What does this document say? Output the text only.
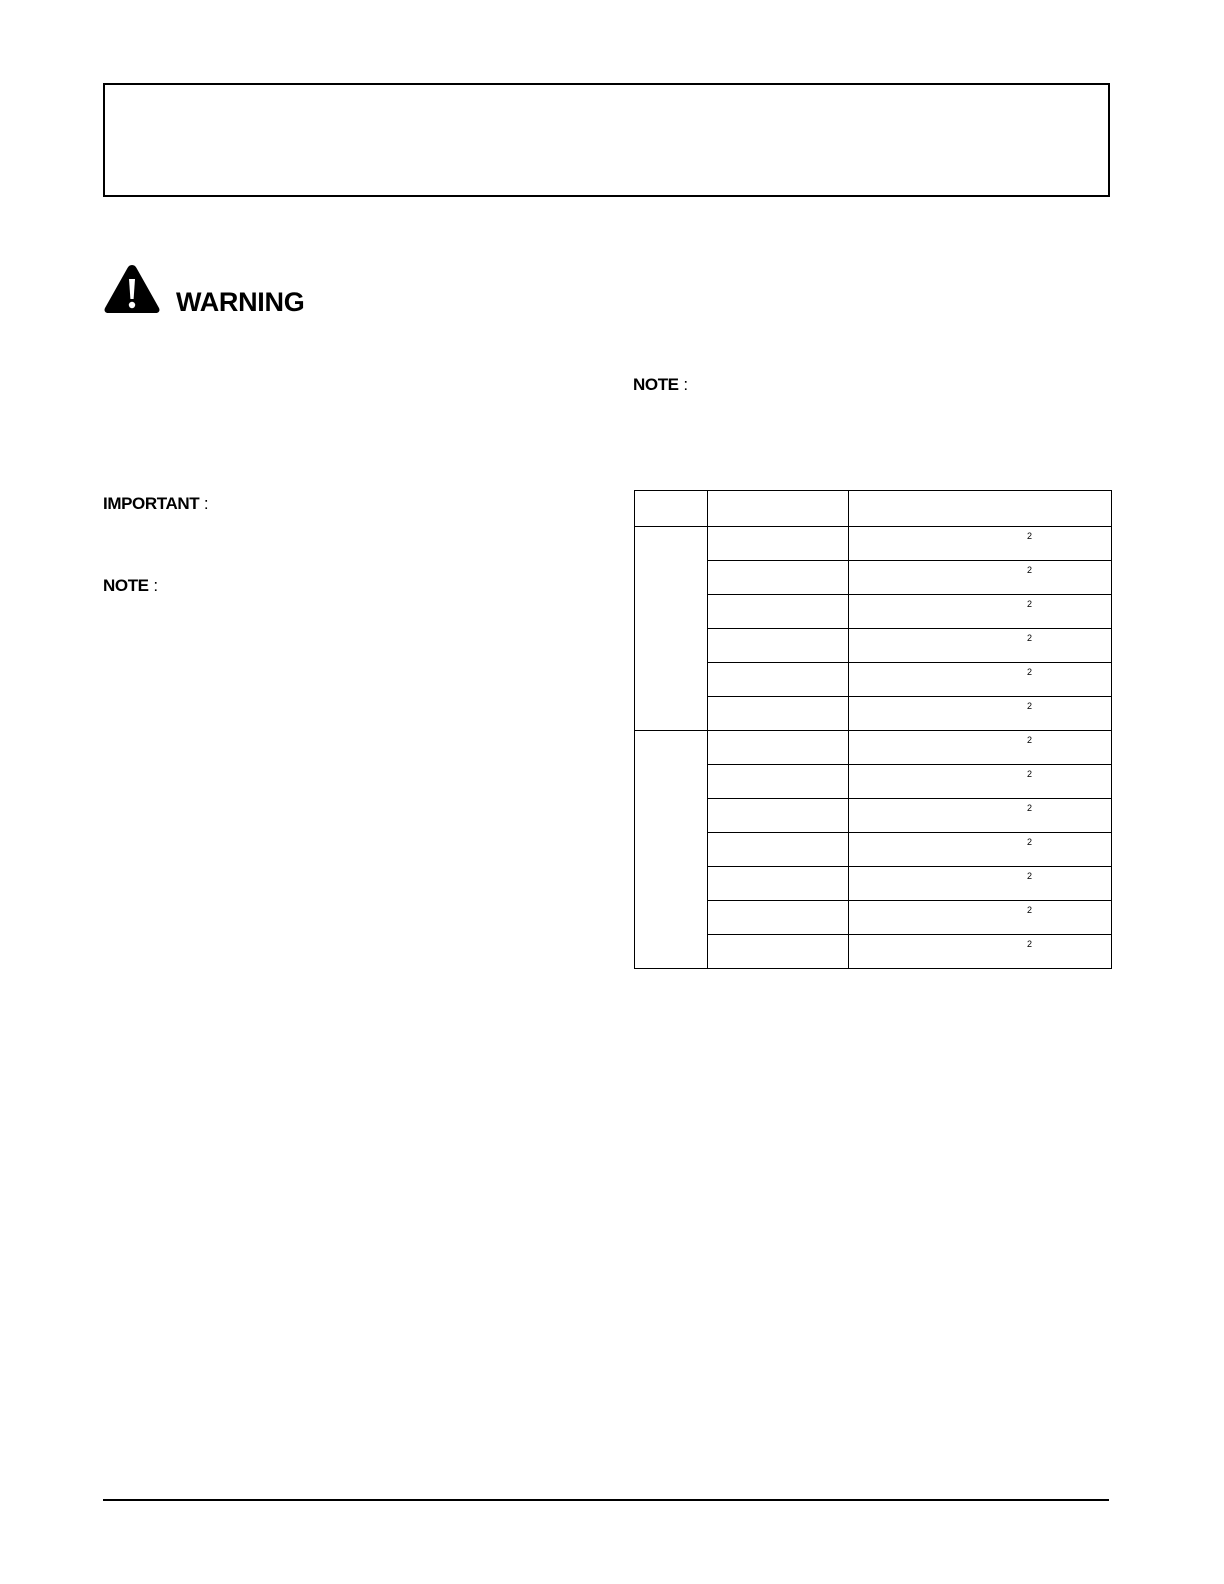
WARNING
IMPORTANT :
NOTE :
NOTE :

		2

		2

		2

		2

		2

		2

		2

		2

		2

		2

		2

		2

		2
